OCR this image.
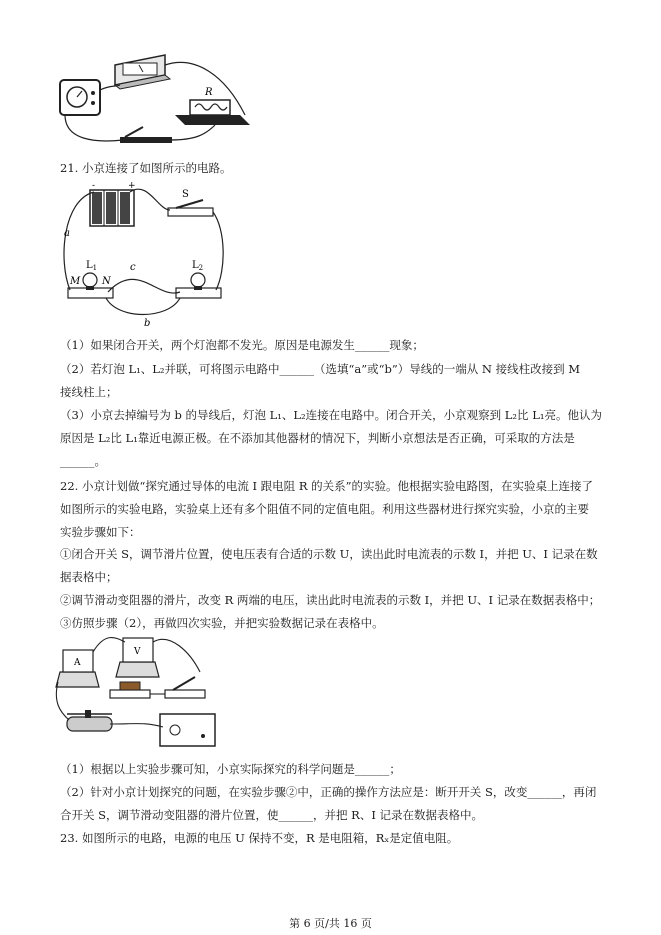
R
21. 小京连接了如图所示的电路。
-	+
S
$L_1$
M N
$L_2$
a
c
b
（1）如果闭合开关，两个灯泡都不发光。原因是电源发生______现象；
（2）若灯泡 L₁、L₂并联，可将图示电路中______（选填“a”或“b”）导线的一端从 N 接线柱改接到 M
接线柱上；
（3）小京去掉编号为 b 的导线后，灯泡 L₁、L₂连接在电路中。闭合开关，小京观察到 L₂比 L₁亮。他认为
原因是 L₂比 L₁靠近电源正极。在不添加其他器材的情况下，判断小京想法是否正确，可采取的方法是
______。
22. 小京计划做“探究通过导体的电流 I 跟电阻 R 的关系”的实验。他根据实验电路图，在实验桌上连接了
如图所示的实验电路，实验桌上还有多个阻值不同的定值电阻。利用这些器材进行探究实验，小京的主要
实验步骤如下：
①闭合开关 S，调节滑片位置，使电压表有合适的示数 U，读出此时电流表的示数 I，并把 U、I 记录在数
据表格中；
②调节滑动变阻器的滑片，改变 R 两端的电压，读出此时电流表的示数 I，并把 U、I 记录在数据表格中；
③仿照步骤（2），再做四次实验，并把实验数据记录在表格中。
A
V
（1）根据以上实验步骤可知，小京实际探究的科学问题是______；
（2）针对小京计划探究的问题，在实验步骤②中，正确的操作方法应是：断开开关 S，改变______，再闭
合开关 S，调节滑动变阻器的滑片位置，使______，并把 R、I 记录在数据表格中。
23. 如图所示的电路，电源的电压 U 保持不变，R 是电阻箱，Rₓ是定值电阻。
第 6 页/共 16 页
